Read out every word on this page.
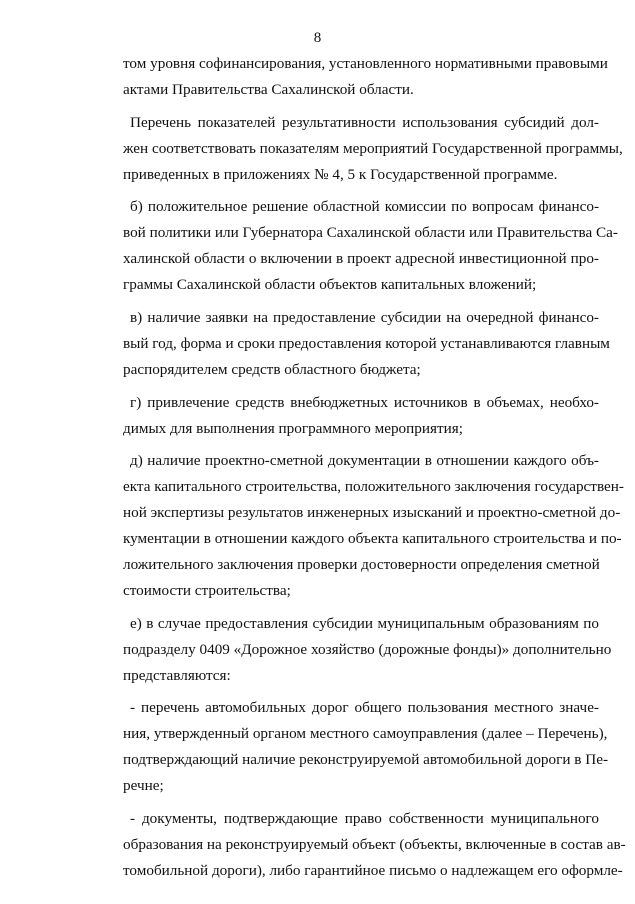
8
том уровня софинансирования, установленного нормативными правовыми
актами Правительства Сахалинской области.
Перечень показателей результативности использования субсидий дол-
жен соответствовать показателям мероприятий Государственной программы,
приведенных в приложениях № 4, 5 к Государственной программе.
б) положительное решение областной комиссии по вопросам финансо-
вой политики или Губернатора Сахалинской области или Правительства Са-
халинской области о включении в проект адресной инвестиционной про-
граммы Сахалинской области объектов капитальных вложений;
в) наличие заявки на предоставление субсидии на очередной финансо-
вый год, форма и сроки предоставления которой устанавливаются главным
распорядителем средств областного бюджета;
г) привлечение средств внебюджетных источников в объемах, необхо-
димых для выполнения программного мероприятия;
д) наличие проектно-сметной документации в отношении каждого объ-
екта капитального строительства, положительного заключения государствен-
ной экспертизы результатов инженерных изысканий и проектно-сметной до-
кументации в отношении каждого объекта капитального строительства и по-
ложительного заключения проверки достоверности определения сметной
стоимости строительства;
е) в случае предоставления субсидии муниципальным образованиям по
подразделу 0409 «Дорожное хозяйство (дорожные фонды)» дополнительно
представляются:
- перечень автомобильных дорог общего пользования местного значе-
ния, утвержденный органом местного самоуправления (далее – Перечень),
подтверждающий наличие реконструируемой автомобильной дороги в Пе-
речне;
- документы, подтверждающие право собственности муниципального
образования на реконструируемый объект (объекты, включенные в состав ав-
томобильной дороги), либо гарантийное письмо о надлежащем его оформле-
